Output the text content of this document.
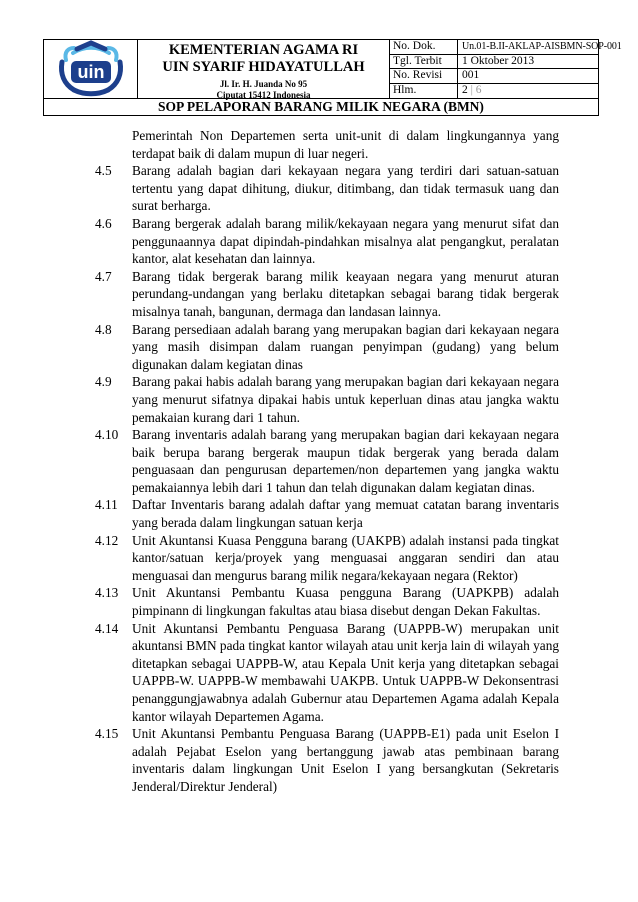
uin
KEMENTERIAN AGAMA RI
UIN SYARIF HIDAYATULLAH
Jl. Ir. H. Juanda No 95
Ciputat 15412 Indonesia
No. Dok.	Un.01-B.II-AKLAP-AISBMN-SOP-001
Tgl. Terbit	1 Oktober 2013
No. Revisi	001
Hlm.	2 | 6
SOP PELAPORAN BARANG MILIK NEGARA (BMN)
Pemerintah Non Departemen serta unit-unit di dalam lingkungannya yang terdapat baik di dalam mupun di luar negeri.
4.5 Barang adalah bagian dari kekayaan negara yang terdiri dari satuan-satuan tertentu yang dapat dihitung, diukur, ditimbang, dan tidak termasuk uang dan surat berharga.
4.6 Barang bergerak adalah barang milik/kekayaan negara yang menurut sifat dan penggunaannya dapat dipindah-pindahkan misalnya alat pengangkut, peralatan kantor, alat kesehatan dan lainnya.
4.7 Barang tidak bergerak barang milik keayaan negara yang menurut aturan perundang-undangan yang berlaku ditetapkan sebagai barang tidak bergerak misalnya tanah, bangunan, dermaga dan landasan lainnya.
4.8 Barang persediaan adalah barang yang merupakan bagian dari kekayaan negara yang masih disimpan dalam ruangan penyimpan (gudang) yang belum digunakan dalam kegiatan dinas
4.9 Barang pakai habis adalah barang yang merupakan bagian dari kekayaan negara yang menurut sifatnya dipakai habis untuk keperluan dinas atau jangka waktu pemakaian kurang dari 1 tahun.
4.10 Barang inventaris adalah barang yang merupakan bagian dari kekayaan negara baik berupa barang bergerak maupun tidak bergerak yang berada dalam penguasaan dan pengurusan departemen/non departemen yang jangka waktu pemakaiannya lebih dari 1 tahun dan telah digunakan dalam kegiatan dinas.
4.11 Daftar Inventaris barang adalah daftar yang memuat catatan barang inventaris yang berada dalam lingkungan satuan kerja
4.12 Unit Akuntansi Kuasa Pengguna barang (UAKPB) adalah instansi pada tingkat kantor/satuan kerja/proyek yang menguasai anggaran sendiri dan atau menguasai dan mengurus barang milik negara/kekayaan negara (Rektor)
4.13 Unit Akuntansi Pembantu Kuasa pengguna Barang (UAPKPB) adalah pimpinann di lingkungan fakultas atau biasa disebut dengan Dekan Fakultas.
4.14 Unit Akuntansi Pembantu Penguasa Barang (UAPPB-W) merupakan unit akuntansi BMN pada tingkat kantor wilayah atau unit kerja lain di wilayah yang ditetapkan sebagai UAPPB-W, atau Kepala Unit kerja yang ditetapkan sebagai UAPPB-W. UAPPB-W membawahi UAKPB. Untuk UAPPB-W Dekonsentrasi penanggungjawabnya adalah Gubernur atau Departemen Agama adalah Kepala kantor wilayah Departemen Agama.
4.15 Unit Akuntansi Pembantu Penguasa Barang (UAPPB-E1) pada unit Eselon I adalah Pejabat Eselon yang bertanggung jawab atas pembinaan barang inventaris dalam lingkungan Unit Eselon I yang bersangkutan (Sekretaris Jenderal/Direktur Jenderal)
